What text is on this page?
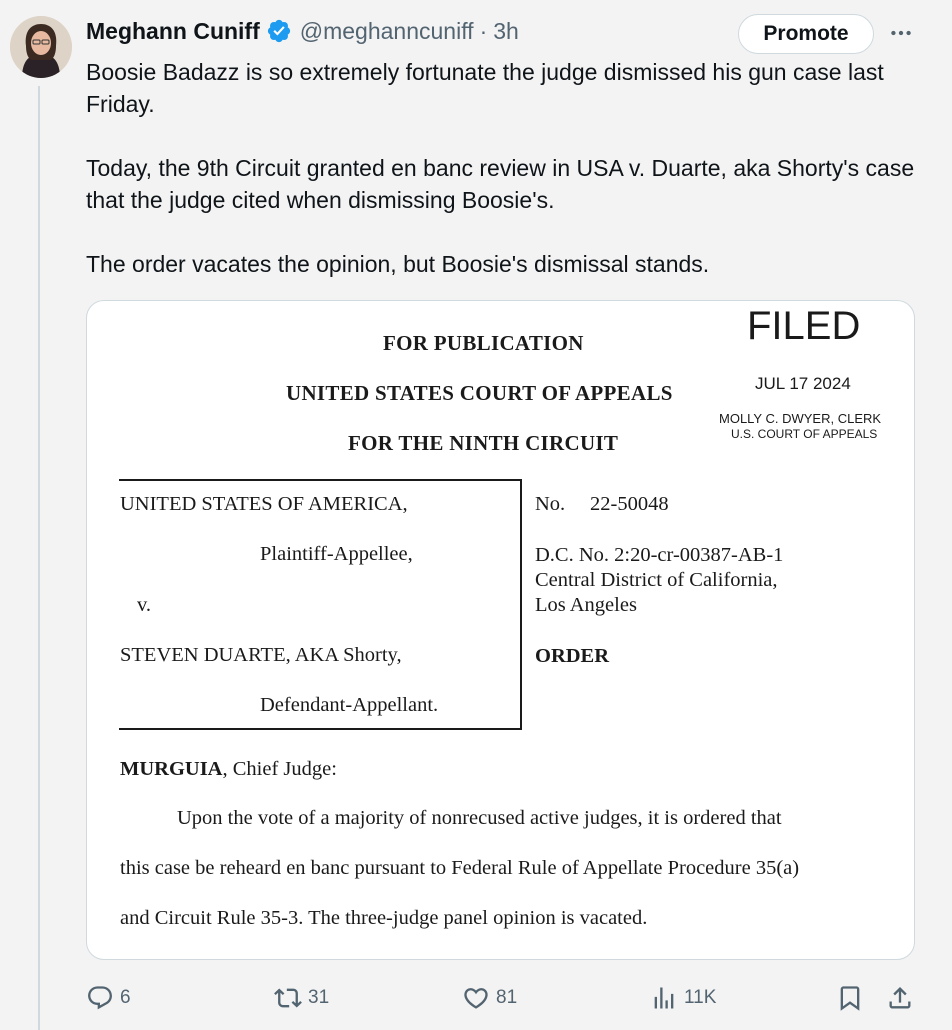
Meghann Cuniff @meghanncuniff · 3h	Promote

Boosie Badazz is so extremely fortunate the judge dismissed his gun case last Friday.

Today, the 9th Circuit granted en banc review in USA v. Duarte, aka Shorty's case that the judge cited when dismissing Boosie's.

The order vacates the opinion, but Boosie's dismissal stands.

FOR PUBLICATION
UNITED STATES COURT OF APPEALS
FOR THE NINTH CIRCUIT
FILED
JUL 17 2024
MOLLY C. DWYER, CLERK
U.S. COURT OF APPEALS
UNITED STATES OF AMERICA,
Plaintiff-Appellee,
v.
STEVEN DUARTE, AKA Shorty,
Defendant-Appellant.
No. 22-50048
D.C. No. 2:20-cr-00387-AB-1
Central District of California,
Los Angeles
ORDER
MURGUIA, Chief Judge:
Upon the vote of a majority of nonrecused active judges, it is ordered that
this case be reheard en banc pursuant to Federal Rule of Appellate Procedure 35(a)
and Circuit Rule 35-3. The three-judge panel opinion is vacated.
6	31	81	11K
